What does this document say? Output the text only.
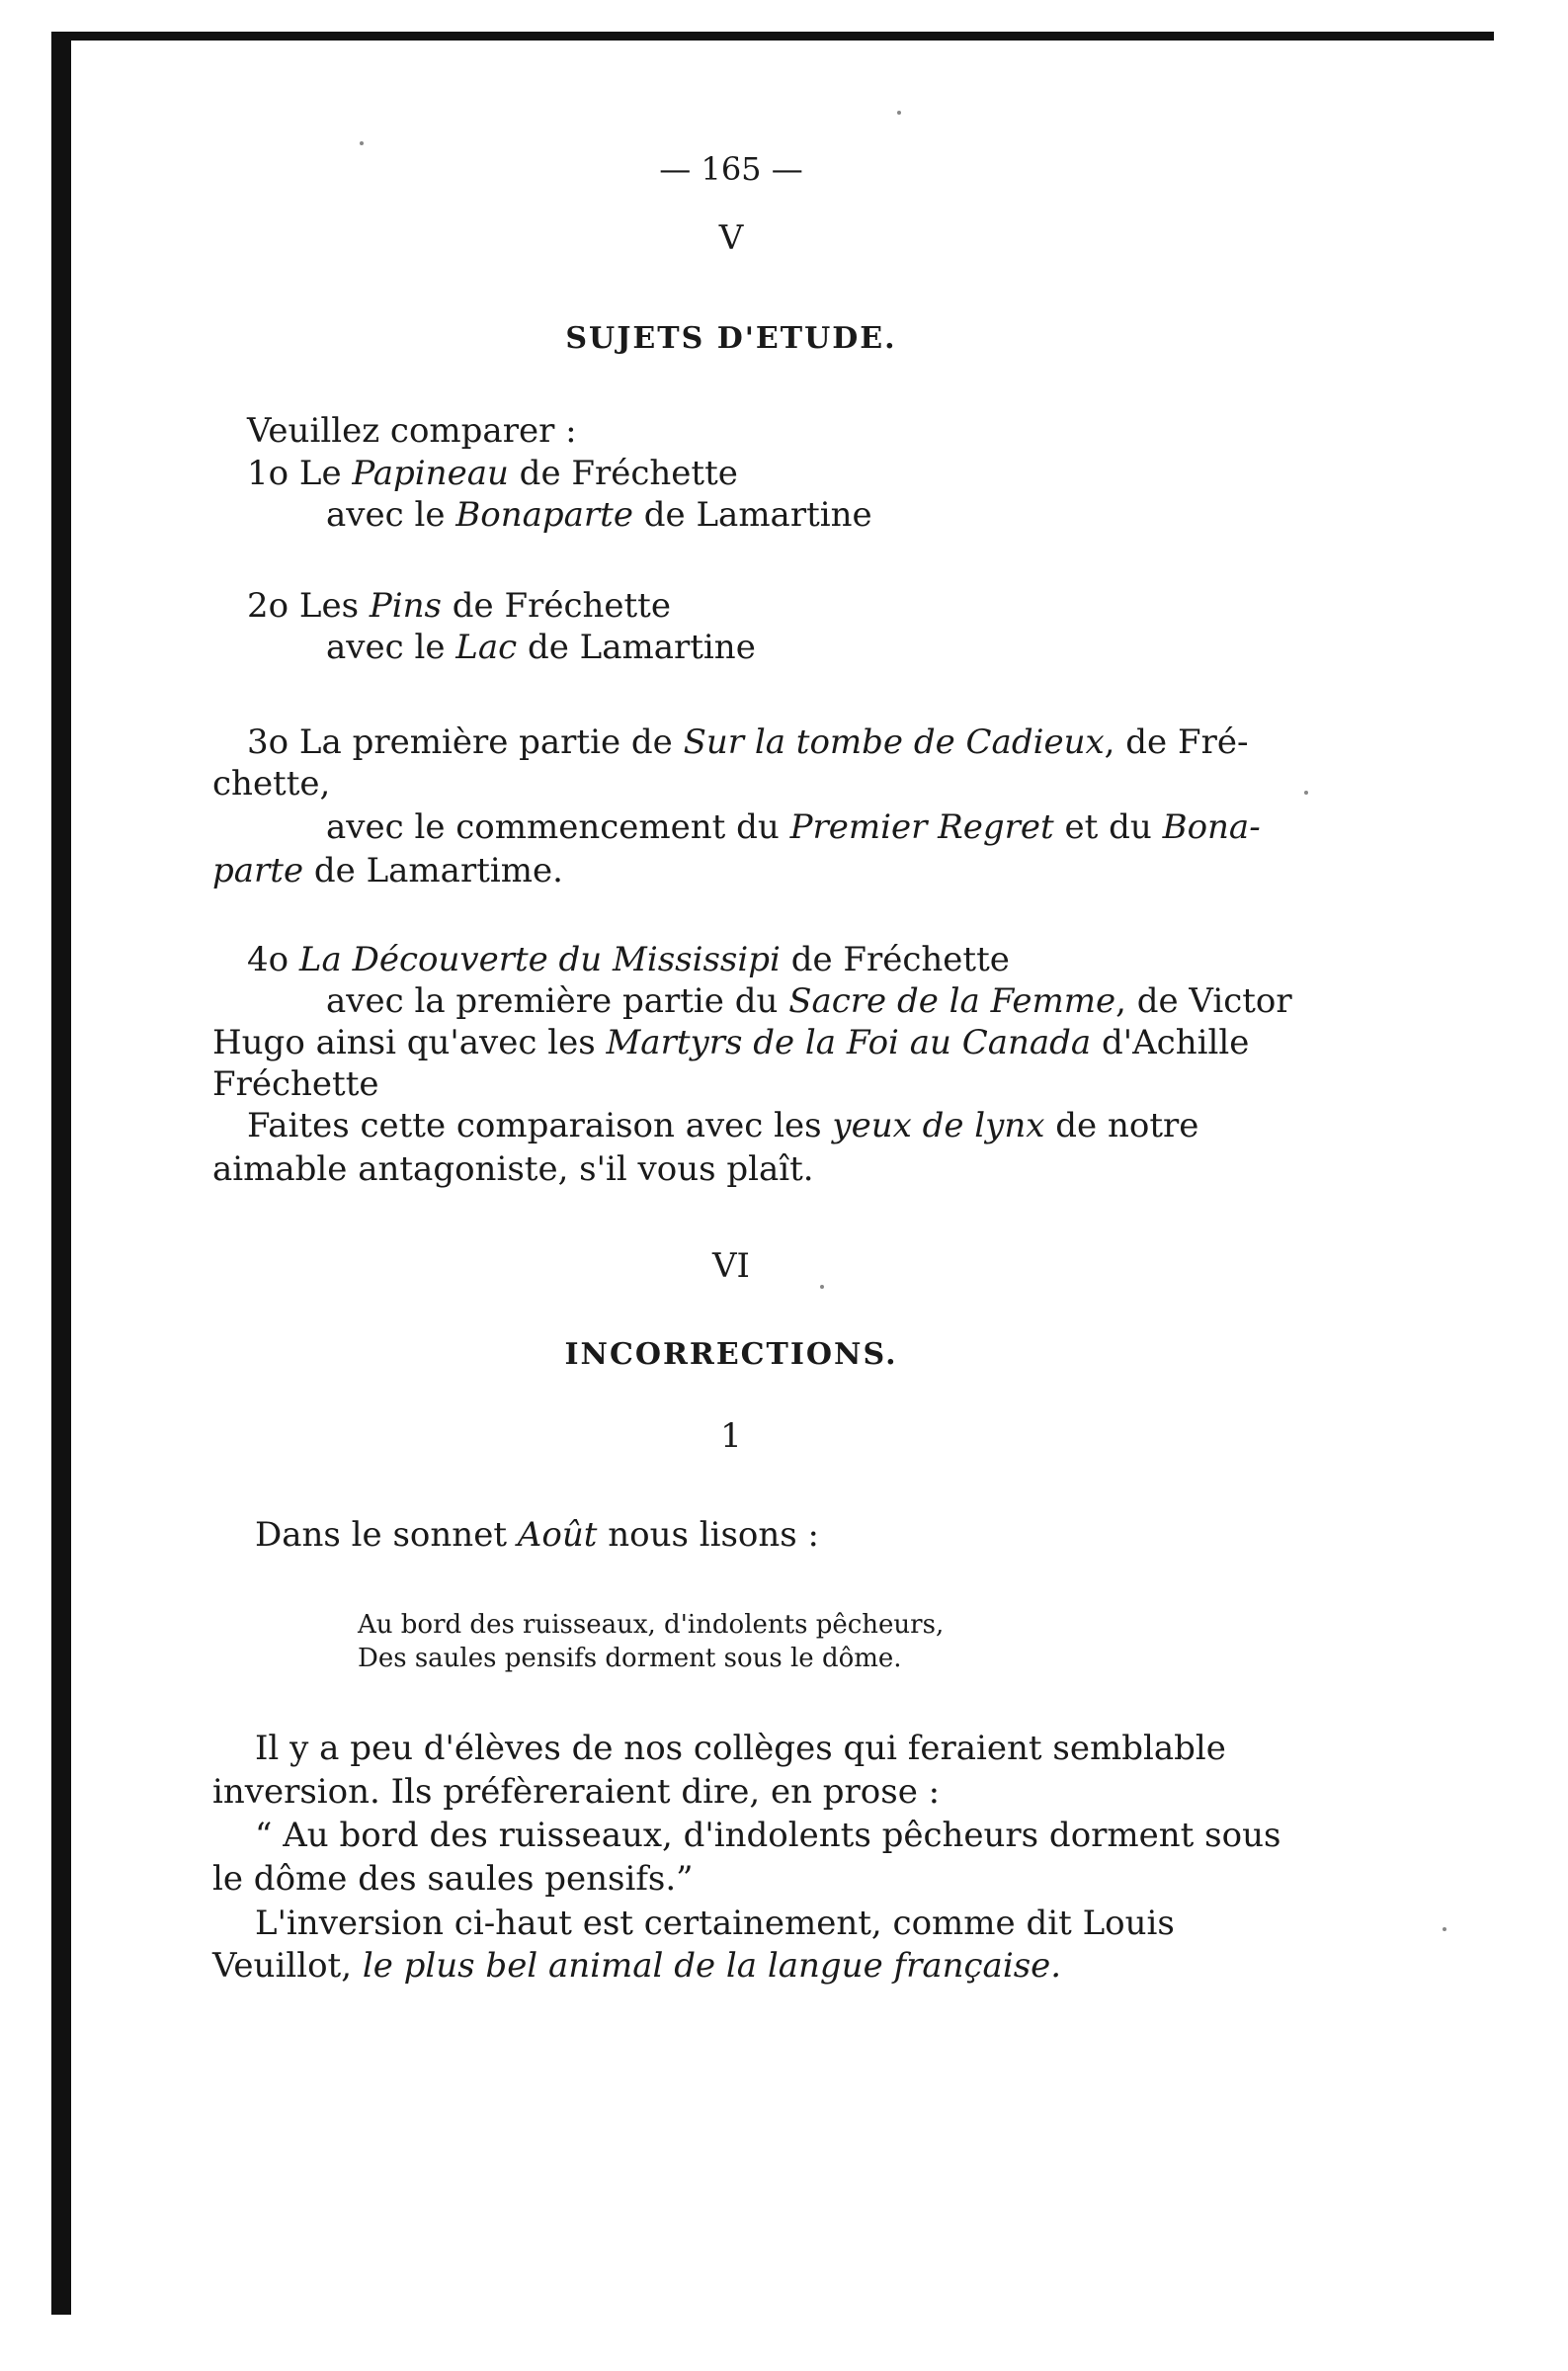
— 165 —
V
SUJETS D'ETUDE.
Veuillez comparer :
1o Le Papineau de Fréchette
avec le Bonaparte de Lamartine
2o Les Pins de Fréchette
avec le Lac de Lamartine
3o La première partie de Sur la tombe de Cadieux, de Fré-
chette,
avec le commencement du Premier Regret et du Bona-
parte de Lamartime.
4o La Découverte du Mississipi de Fréchette
avec la première partie du Sacre de la Femme, de Victor
Hugo ainsi qu'avec les Martyrs de la Foi au Canada d'Achille
Fréchette
Faites cette comparaison avec les yeux de lynx de notre
aimable antagoniste, s'il vous plaît.
VI
INCORRECTIONS.
1
Dans le sonnet Août nous lisons :
Au bord des ruisseaux, d'indolents pêcheurs,
Des saules pensifs dorment sous le dôme.
Il y a peu d'élèves de nos collèges qui feraient semblable
inversion. Ils préfèreraient dire, en prose :
“ Au bord des ruisseaux, d'indolents pêcheurs dorment sous
le dôme des saules pensifs.”
L'inversion ci-haut est certainement, comme dit Louis
Veuillot, le plus bel animal de la langue française.
